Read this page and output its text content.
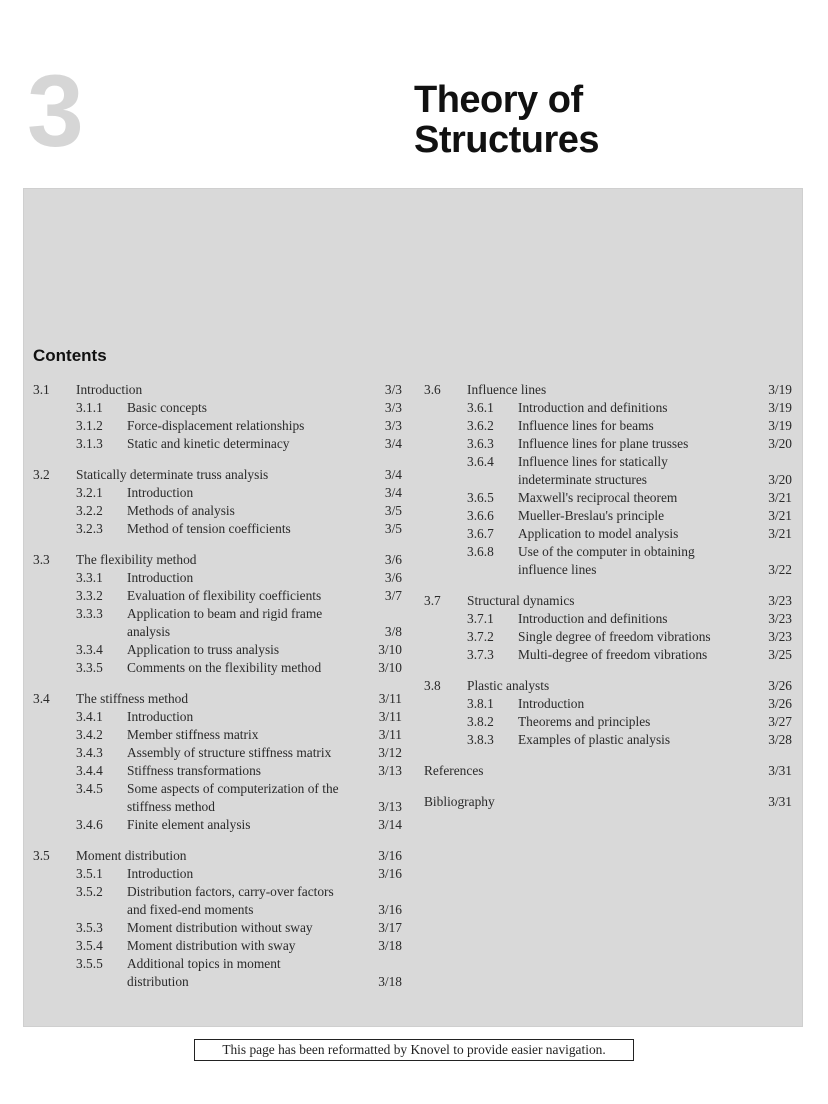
3	Theory of
Structures
Contents
3.1 Introduction	3/3
3.1.1 Basic concepts	3/3
3.1.2 Force-displacement relationships	3/3
3.1.3 Static and kinetic determinacy	3/4
3.2 Statically determinate truss analysis	3/4
3.2.1 Introduction	3/4
3.2.2 Methods of analysis	3/5
3.2.3 Method of tension coefficients	3/5
3.3 The flexibility method	3/6
3.3.1 Introduction	3/6
3.3.2 Evaluation of flexibility coefficients	3/7
3.3.3 Application to beam and rigid frame
analysis	3/8
3.3.4 Application to truss analysis	3/10
3.3.5 Comments on the flexibility method	3/10
3.4 The stiffness method	3/11
3.4.1 Introduction	3/11
3.4.2 Member stiffness matrix	3/11
3.4.3 Assembly of structure stiffness matrix	3/12
3.4.4 Stiffness transformations	3/13
3.4.5 Some aspects of computerization of the
stiffness method	3/13
3.4.6 Finite element analysis	3/14
3.5 Moment distribution	3/16
3.5.1 Introduction	3/16
3.5.2 Distribution factors, carry-over factors
and fixed-end moments	3/16
3.5.3 Moment distribution without sway	3/17
3.5.4 Moment distribution with sway	3/18
3.5.5 Additional topics in moment
distribution	3/18
3.6 Influence lines	3/19
3.6.1 Introduction and definitions	3/19
3.6.2 Influence lines for beams	3/19
3.6.3 Influence lines for plane trusses	3/20
3.6.4 Influence lines for statically
indeterminate structures	3/20
3.6.5 Maxwell's reciprocal theorem	3/21
3.6.6 Mueller-Breslau's principle	3/21
3.6.7 Application to model analysis	3/21
3.6.8 Use of the computer in obtaining
influence lines	3/22
3.7 Structural dynamics	3/23
3.7.1 Introduction and definitions	3/23
3.7.2 Single degree of freedom vibrations	3/23
3.7.3 Multi-degree of freedom vibrations	3/25
3.8 Plastic analysts	3/26
3.8.1 Introduction	3/26
3.8.2 Theorems and principles	3/27
3.8.3 Examples of plastic analysis	3/28
References	3/31
Bibliography	3/31
This page has been reformatted by Knovel to provide easier navigation.
